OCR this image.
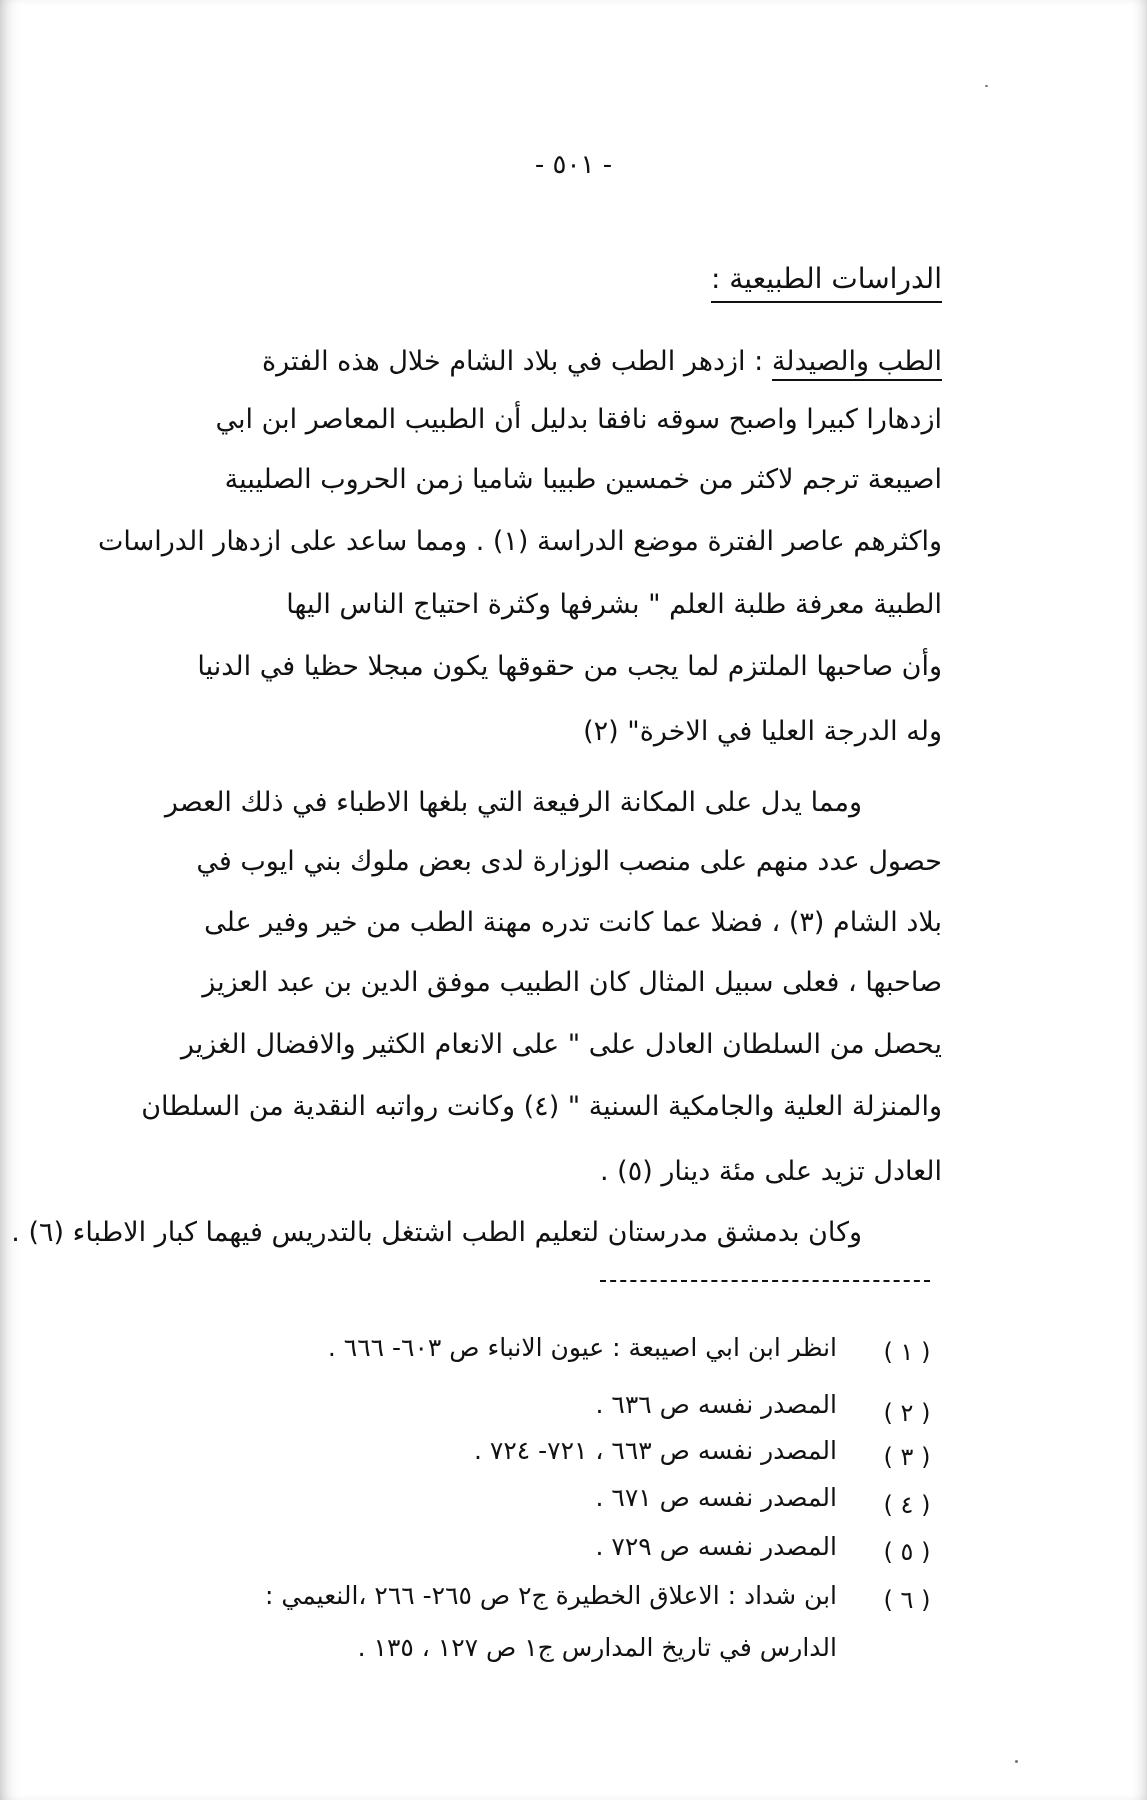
- ٥٠١ -
الدراسات الطبيعية :
الطب والصيدلة : ازدهر الطب في بلاد الشام خلال هذه الفترة
ازدهارا كبيرا واصبح سوقه نافقا بدليل أن الطبيب المعاصر ابن ابي
اصيبعة ترجم لاكثر من خمسين طبيبا شاميا زمن الحروب الصليبية
واكثرهم عاصر الفترة موضع الدراسة (١) . ومما ساعد على ازدهار الدراسات
الطبية معرفة طلبة العلم " بشرفها وكثرة احتياج الناس اليها
وأن صاحبها الملتزم لما يجب من حقوقها يكون مبجلا حظيا في الدنيا
وله الدرجة العليا في الاخرة" (٢)
ومما يدل على المكانة الرفيعة التي بلغها الاطباء في ذلك العصر
حصول عدد منهم على منصب الوزارة لدى بعض ملوك بني ايوب في
بلاد الشام (٣) ، فضلا عما كانت تدره مهنة الطب من خير وفير على
صاحبها ، فعلى سبيل المثال كان الطبيب موفق الدين بن عبد العزيز
يحصل من السلطان العادل على " على الانعام الكثير والافضال الغزير
والمنزلة العلية والجامكية السنية " (٤) وكانت رواتبه النقدية من السلطان
العادل تزيد على مئة دينار (٥) .
وكان بدمشق مدرستان لتعليم الطب اشتغل بالتدريس فيهما كبار الاطباء (٦) .
( ١ )
انظر ابن ابي اصيبعة : عيون الانباء ص ٦٠٣- ٦٦٦ .
( ٢ )
المصدر نفسه ص ٦٣٦ .
( ٣ )
المصدر نفسه ص ٦٦٣ ، ٧٢١- ٧٢٤ .
( ٤ )
المصدر نفسه ص ٦٧١ .
( ٥ )
المصدر نفسه ص ٧٢٩ .
( ٦ )
ابن شداد : الاعلاق الخطيرة ج٢ ص ٢٦٥- ٢٦٦ ،النعيمي :
الدارس في تاريخ المدارس ج١ ص ١٢٧ ، ١٣٥ .
